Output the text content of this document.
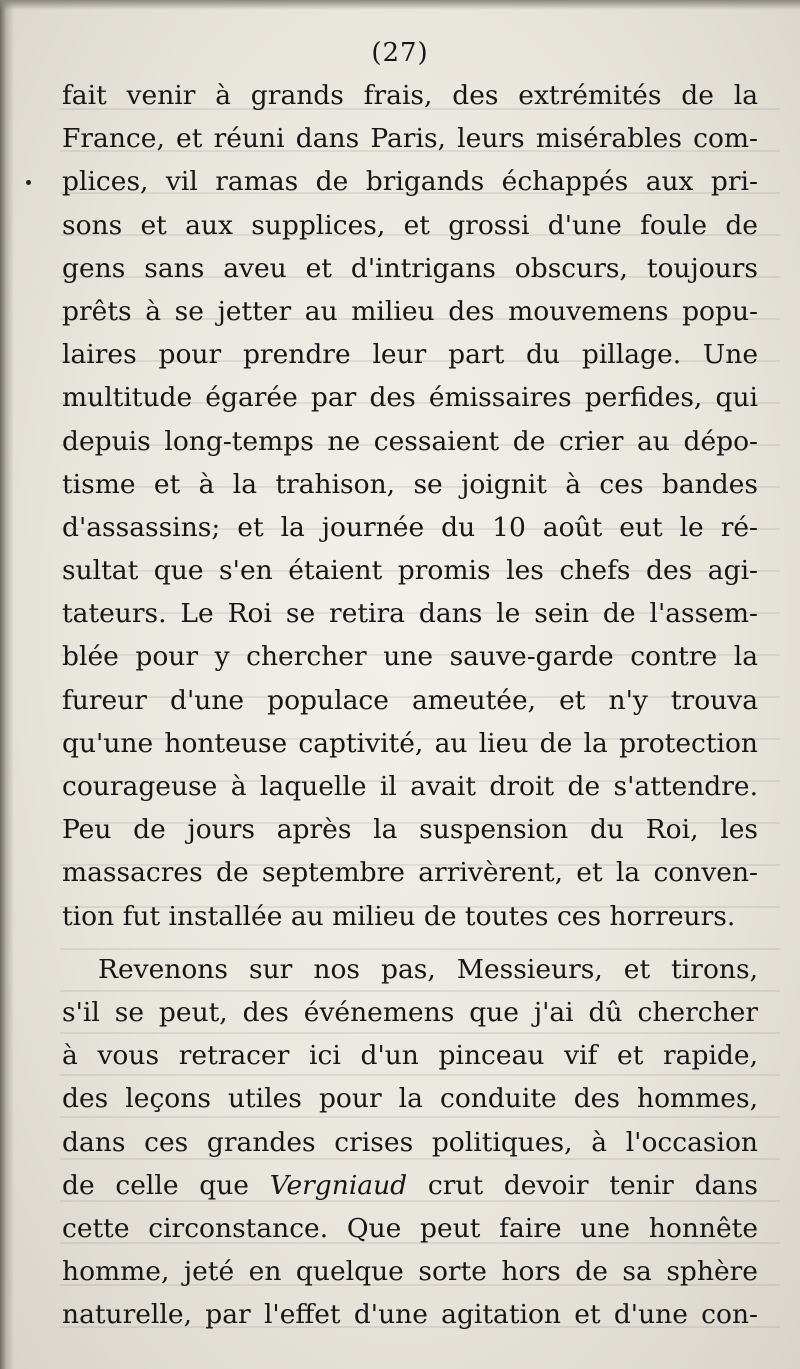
(27)
fait venir à grands frais, des extrémités de la
France, et réuni dans Paris, leurs misérables com-
plices, vil ramas de brigands échappés aux pri-
sons et aux supplices, et grossi d'une foule de
gens sans aveu et d'intrigans obscurs, toujours
prêts à se jetter au milieu des mouvemens popu-
laires pour prendre leur part du pillage. Une
multitude égarée par des émissaires perfides, qui
depuis long-temps ne cessaient de crier au dépo-
tisme et à la trahison, se joignit à ces bandes
d'assassins; et la journée du 10 août eut le ré-
sultat que s'en étaient promis les chefs des agi-
tateurs. Le Roi se retira dans le sein de l'assem-
blée pour y chercher une sauve-garde contre la
fureur d'une populace ameutée, et n'y trouva
qu'une honteuse captivité, au lieu de la protection
courageuse à laquelle il avait droit de s'attendre.
Peu de jours après la suspension du Roi, les
massacres de septembre arrivèrent, et la conven-
tion fut installée au milieu de toutes ces horreurs.
Revenons sur nos pas, Messieurs, et tirons,
s'il se peut, des événemens que j'ai dû chercher
à vous retracer ici d'un pinceau vif et rapide,
des leçons utiles pour la conduite des hommes,
dans ces grandes crises politiques, à l'occasion
de celle que Vergniaud crut devoir tenir dans
cette circonstance. Que peut faire une honnête
homme, jeté en quelque sorte hors de sa sphère
naturelle, par l'effet d'une agitation et d'une con-
